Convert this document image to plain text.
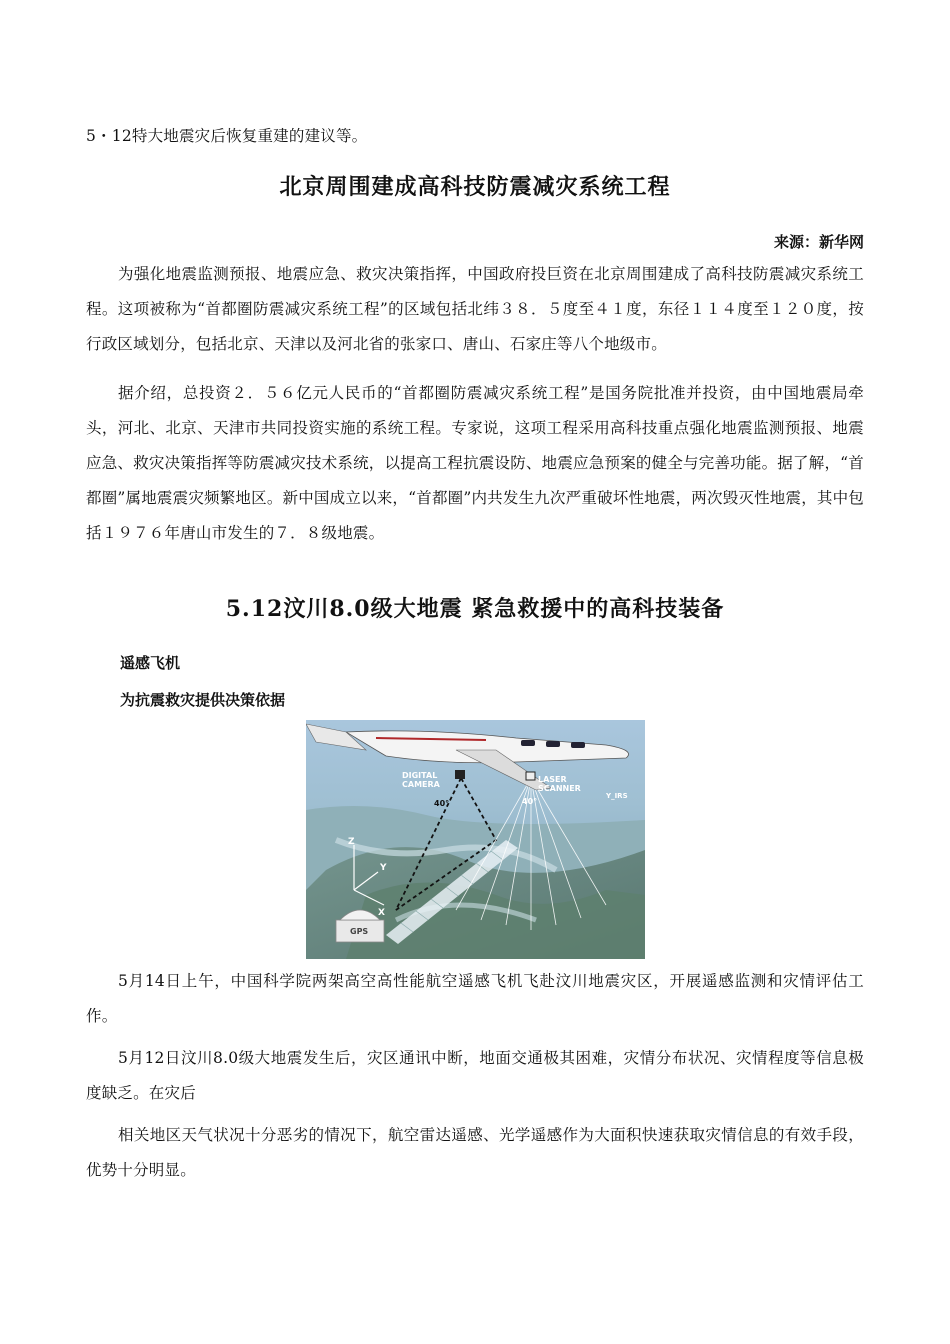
5・12特大地震灾后恢复重建的建议等。
北京周围建成高科技防震减灾系统工程
来源：新华网
为强化地震监测预报、地震应急、救灾决策指挥，中国政府投巨资在北京周围建成了高科技防震减灾系统工程。这项被称为“首都圈防震减灾系统工程”的区域包括北纬３８．５度至４１度，东径１１４度至１２０度，按行政区域划分，包括北京、天津以及河北省的张家口、唐山、石家庄等八个地级市。
据介绍，总投资２．５６亿元人民币的“首都圈防震减灾系统工程”是国务院批准并投资，由中国地震局牵头，河北、北京、天津市共同投资实施的系统工程。专家说，这项工程采用高科技重点强化地震监测预报、地震应急、救灾决策指挥等防震减灾技术系统，以提高工程抗震设防、地震应急预案的健全与完善功能。据了解，“首都圈”属地震震灾频繁地区。新中国成立以来，“首都圈”内共发生九次严重破坏性地震，两次毁灭性地震，其中包括１９７６年唐山市发生的７．８级地震。
5.12汶川8.0级大地震 紧急救援中的高科技装备
遥感飞机
为抗震救灾提供决策依据
DIGITAL CAMERA
LASER SCANNER
40°	40°
GPS
Z
Y
X
Y_IRS
5月14日上午，中国科学院两架高空高性能航空遥感飞机飞赴汶川地震灾区，开展遥感监测和灾情评估工作。
5月12日汶川8.0级大地震发生后，灾区通讯中断，地面交通极其困难，灾情分布状况、灾情程度等信息极度缺乏。在灾后
相关地区天气状况十分恶劣的情况下，航空雷达遥感、光学遥感作为大面积快速获取灾情信息的有效手段，优势十分明显。
